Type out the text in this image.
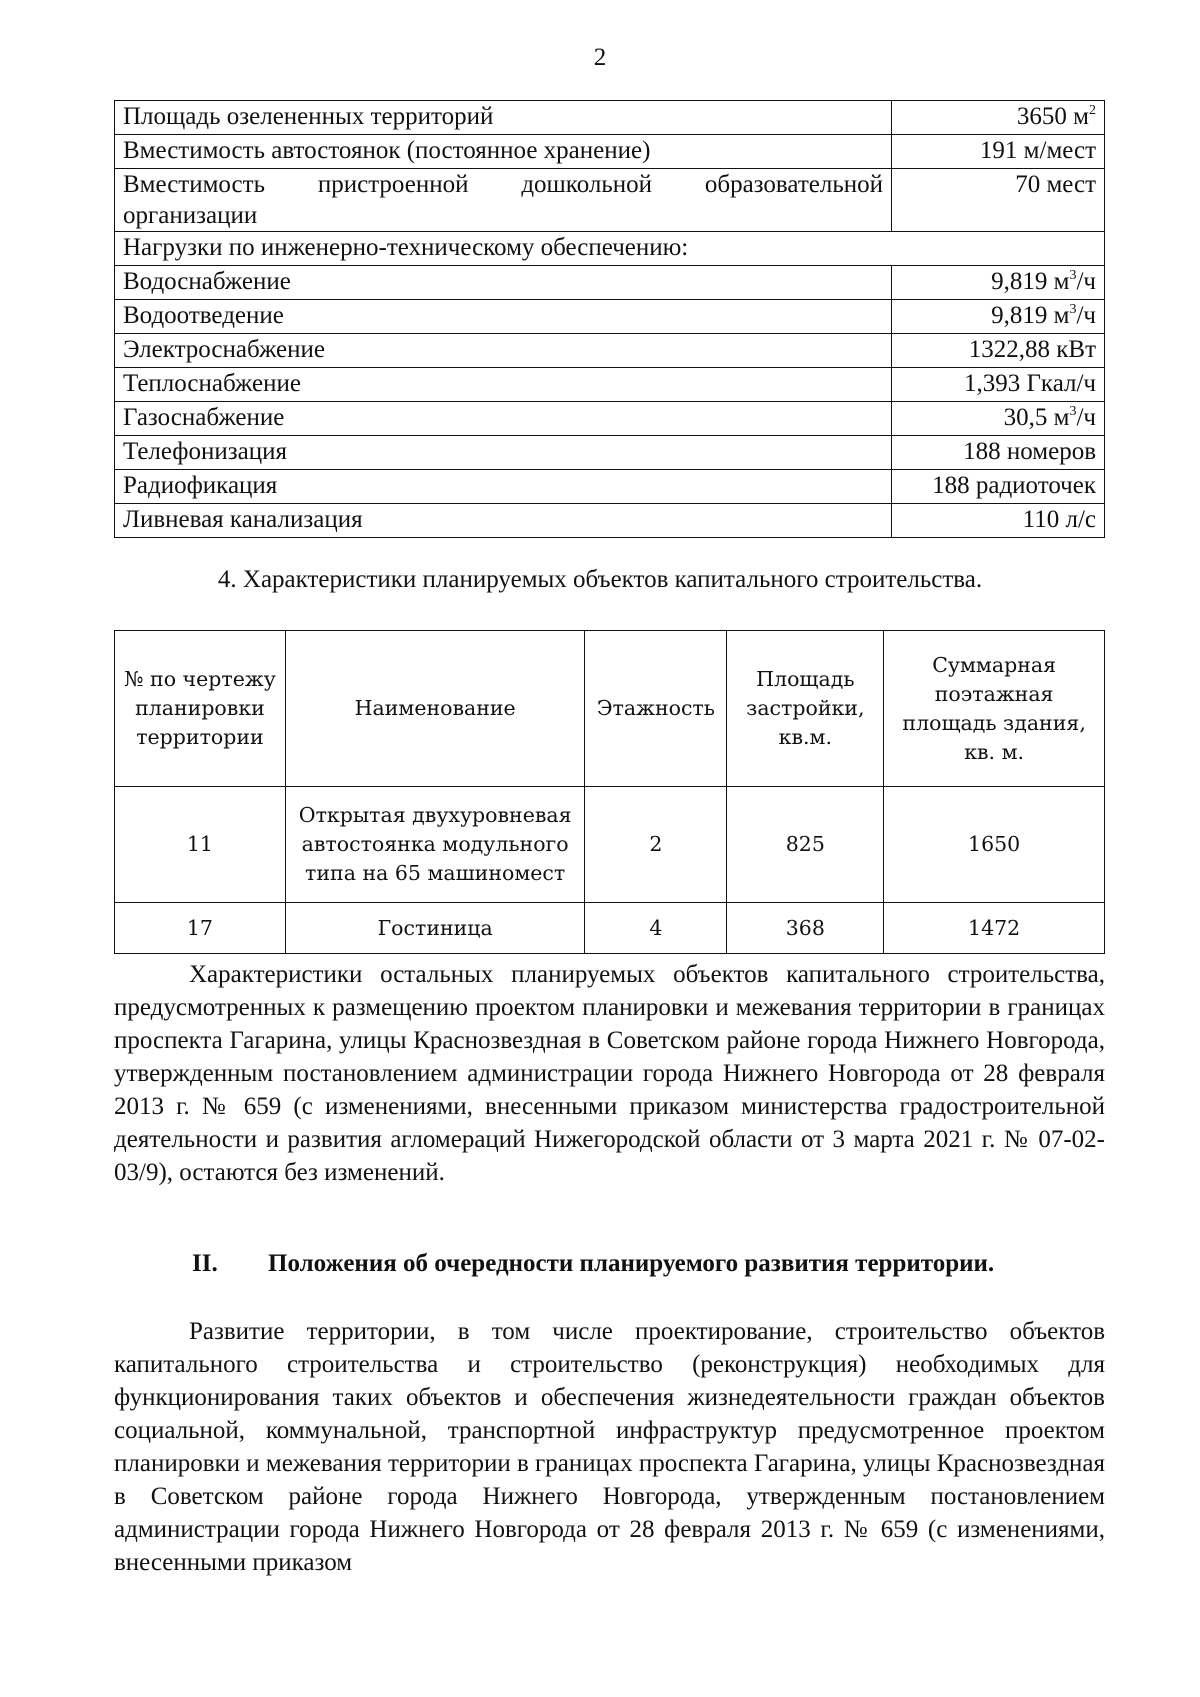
2
Площадь озелененных территорий	3650 $м^2$
Вместимость автостоянок (постоянное хранение)	191 м/мест
Вместимость пристроенной дошкольной образовательной организации	70 мест
Нагрузки по инженерно-техническому обеспечению:	
Водоснабжение	9,819 $м^3/ч$
Водоотведение	9,819 $м^3/ч$
Электроснабжение	1322,88 кВт
Теплоснабжение	1,393 Гкал/ч
Газоснабжение	30,5 $м^3/ч$
Телефонизация	188 номеров
Радиофикация	188 радиоточек
Ливневая канализация	110 л/с
4. Характеристики планируемых объектов капитального строительства.
№ по чертежу планировки территории	Наименование	Этажность	Площадь застройки, кв.м.	Суммарная поэтажная площадь здания, кв. м.
11	Открытая двухуровневая автостоянка модульного типа на 65 машиномест	2	825	1650
17	Гостиница	4	368	1472

Характеристики остальных планируемых объектов капитального строительства, предусмотренных к размещению проектом планировки и межевания территории в границах проспекта Гагарина, улицы Краснозвездная в Советском районе города Нижнего Новгорода, утвержденным постановлением администрации города Нижнего Новгорода от 28 февраля 2013 г. № 659 (с изменениями, внесенными приказом министерства градостроительной деятельности и развития агломераций Нижегородской области от 3 марта 2021 г. № 07-02-03/9), остаются без изменений.

II. Положения об очередности планируемого развития территории.

Развитие территории, в том числе проектирование, строительство объектов капитального строительства и строительство (реконструкция) необходимых для функционирования таких объектов и обеспечения жизнедеятельности граждан объектов социальной, коммунальной, транспортной инфраструктур предусмотренное проектом планировки и межевания территории в границах проспекта Гагарина, улицы Краснозвездная в Советском районе города Нижнего Новгорода, утвержденным постановлением администрации города Нижнего Новгорода от 28 февраля 2013 г. № 659 (с изменениями, внесенными приказом
